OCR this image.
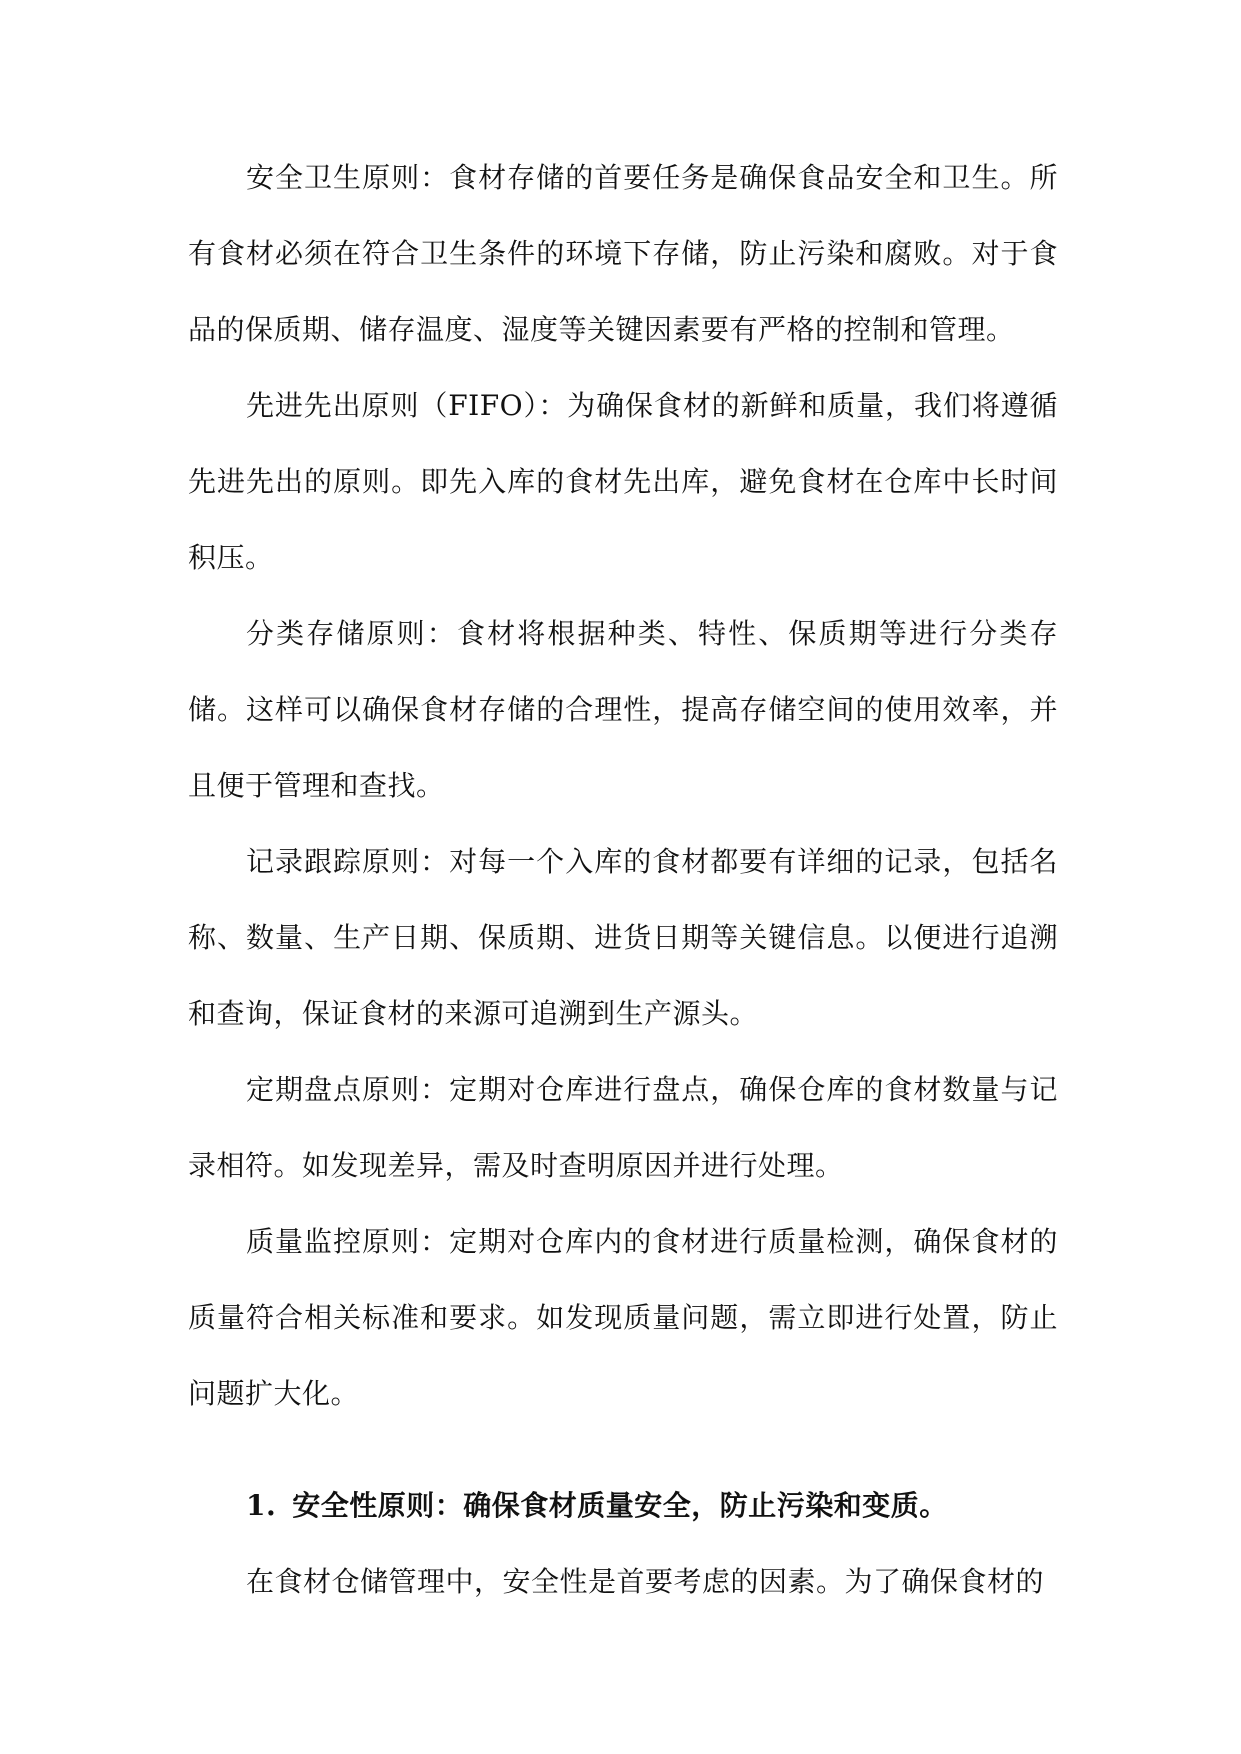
安全卫生原则：食材存储的首要任务是确保食品安全和卫生。所有食材必须在符合卫生条件的环境下存储，防止污染和腐败。对于食品的保质期、储存温度、湿度等关键因素要有严格的控制和管理。

先进先出原则（FIFO）：为确保食材的新鲜和质量，我们将遵循先进先出的原则。即先入库的食材先出库，避免食材在仓库中长时间积压。

分类存储原则：食材将根据种类、特性、保质期等进行分类存储。这样可以确保食材存储的合理性，提高存储空间的使用效率，并且便于管理和查找。

记录跟踪原则：对每一个入库的食材都要有详细的记录，包括名称、数量、生产日期、保质期、进货日期等关键信息。以便进行追溯和查询，保证食材的来源可追溯到生产源头。

定期盘点原则：定期对仓库进行盘点，确保仓库的食材数量与记录相符。如发现差异，需及时查明原因并进行处理。

质量监控原则：定期对仓库内的食材进行质量检测，确保食材的质量符合相关标准和要求。如发现质量问题，需立即进行处置，防止问题扩大化。

1. 安全性原则：确保食材质量安全，防止污染和变质。

在食材仓储管理中，安全性是首要考虑的因素。为了确保食材的
